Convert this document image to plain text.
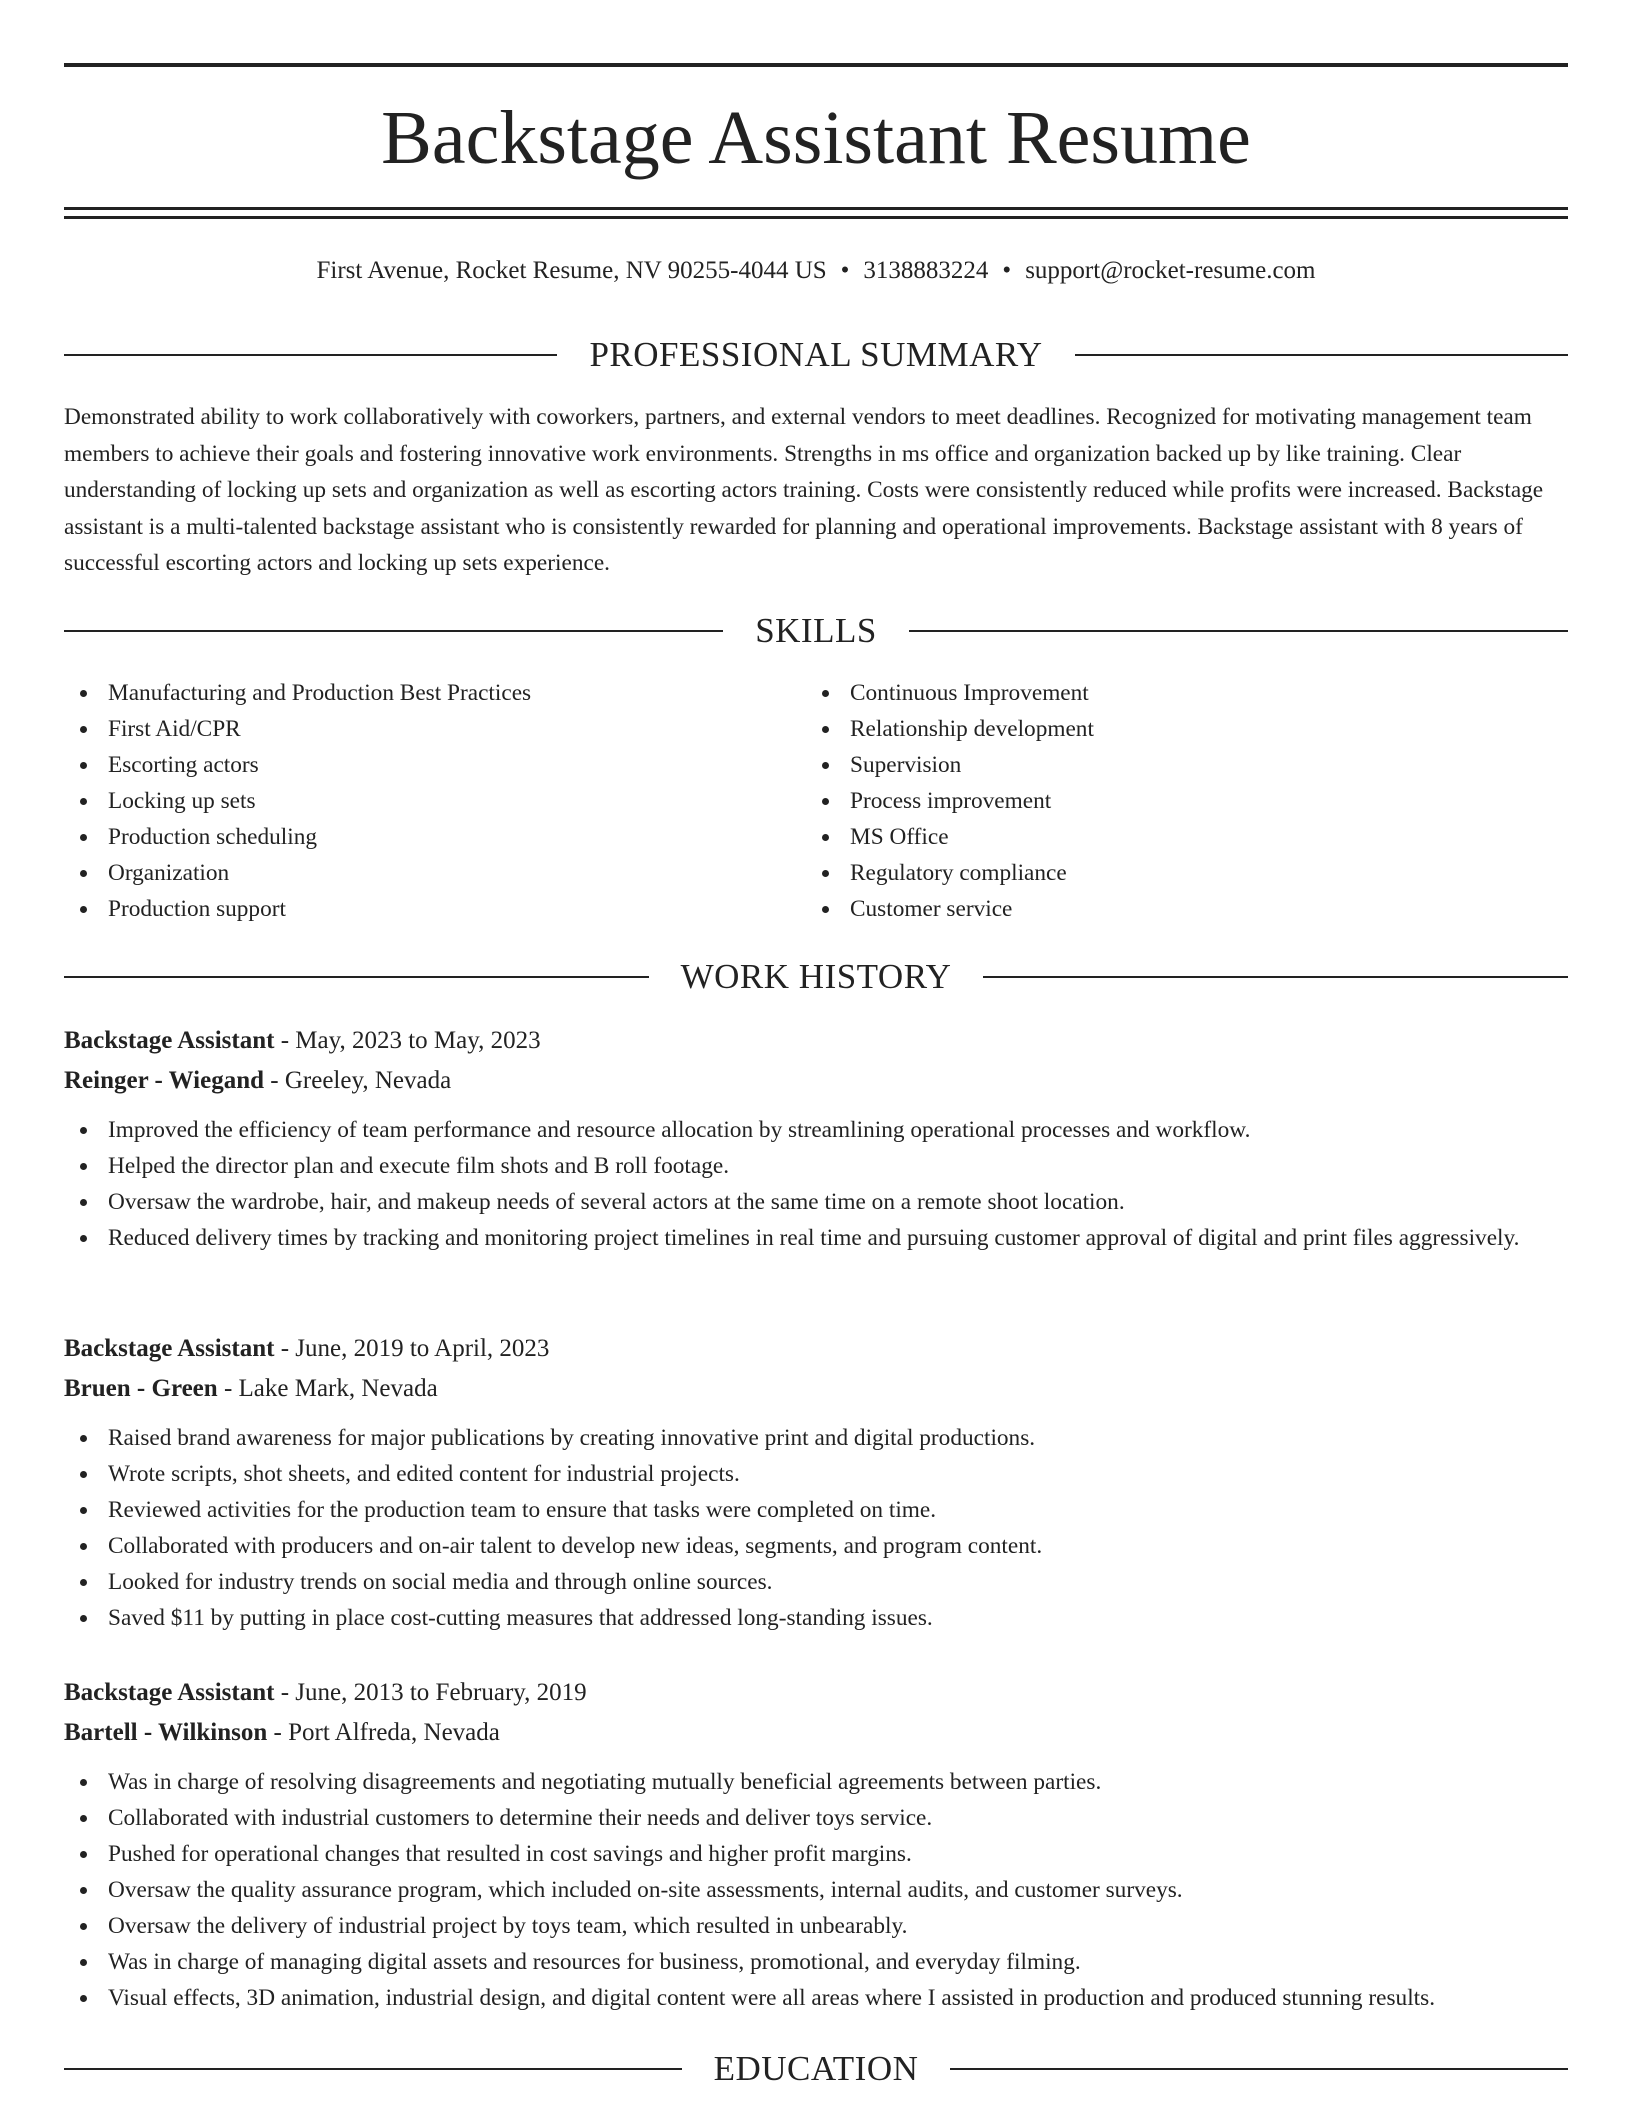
Backstage Assistant Resume
First Avenue, Rocket Resume, NV 90255-4044 US • 3138883224 • support@rocket-resume.com
PROFESSIONAL SUMMARY

Demonstrated ability to work collaboratively with coworkers, partners, and external vendors to meet deadlines. Recognized for motivating management team members to achieve their goals and fostering innovative work environments. Strengths in ms office and organization backed up by like training. Clear understanding of locking up sets and organization as well as escorting actors training. Costs were consistently reduced while profits were increased. Backstage assistant is a multi-talented backstage assistant who is consistently rewarded for planning and operational improvements. Backstage assistant with 8 years of successful escorting actors and locking up sets experience.

SKILLS
Manufacturing and Production Best Practices
First Aid/CPR
Escorting actors
Locking up sets
Production scheduling
Organization
Production support
Continuous Improvement
Relationship development
Supervision
Process improvement
MS Office
Regulatory compliance
Customer service
WORK HISTORY
Backstage Assistant - May, 2023 to May, 2023
Reinger - Wiegand - Greeley, Nevada
Improved the efficiency of team performance and resource allocation by streamlining operational processes and workflow.
Helped the director plan and execute film shots and B roll footage.
Oversaw the wardrobe, hair, and makeup needs of several actors at the same time on a remote shoot location.
Reduced delivery times by tracking and monitoring project timelines in real time and pursuing customer approval of digital and print files aggressively.
Backstage Assistant - June, 2019 to April, 2023
Bruen - Green - Lake Mark, Nevada
Raised brand awareness for major publications by creating innovative print and digital productions.
Wrote scripts, shot sheets, and edited content for industrial projects.
Reviewed activities for the production team to ensure that tasks were completed on time.
Collaborated with producers and on-air talent to develop new ideas, segments, and program content.
Looked for industry trends on social media and through online sources.
Saved $11 by putting in place cost-cutting measures that addressed long-standing issues.
Backstage Assistant - June, 2013 to February, 2019
Bartell - Wilkinson - Port Alfreda, Nevada
Was in charge of resolving disagreements and negotiating mutually beneficial agreements between parties.
Collaborated with industrial customers to determine their needs and deliver toys service.
Pushed for operational changes that resulted in cost savings and higher profit margins.
Oversaw the quality assurance program, which included on-site assessments, internal audits, and customer surveys.
Oversaw the delivery of industrial project by toys team, which resulted in unbearably.
Was in charge of managing digital assets and resources for business, promotional, and everyday filming.
Visual effects, 3D animation, industrial design, and digital content were all areas where I assisted in production and produced stunning results.
EDUCATION
